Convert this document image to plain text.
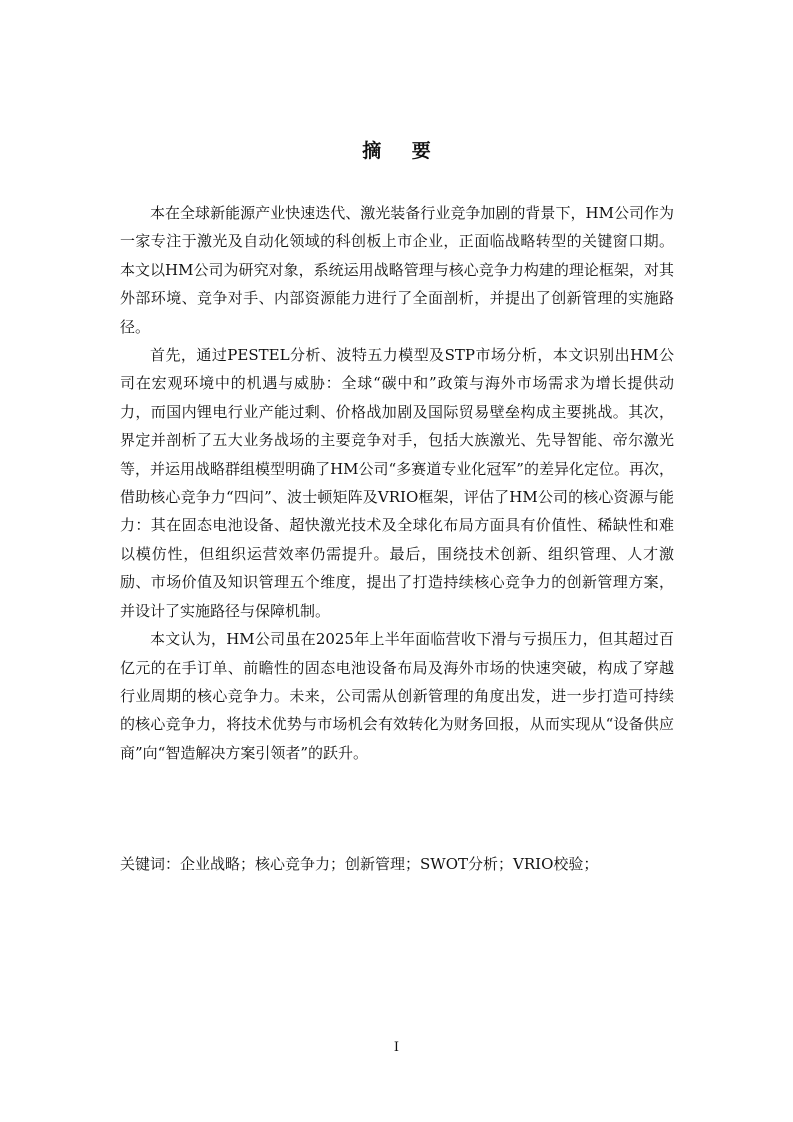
摘 要

本在全球新能源产业快速迭代、激光装备行业竞争加剧的背景下，HM公司作为一家专注于激光及自动化领域的科创板上市企业，正面临战略转型的关键窗口期。本文以HM公司为研究对象，系统运用战略管理与核心竞争力构建的理论框架，对其外部环境、竞争对手、内部资源能力进行了全面剖析，并提出了创新管理的实施路径。

首先，通过PESTEL分析、波特五力模型及STP市场分析，本文识别出HM公司在宏观环境中的机遇与威胁：全球“碳中和”政策与海外市场需求为增长提供动力，而国内锂电行业产能过剩、价格战加剧及国际贸易壁垒构成主要挑战。其次，界定并剖析了五大业务战场的主要竞争对手，包括大族激光、先导智能、帝尔激光等，并运用战略群组模型明确了HM公司“多赛道专业化冠军”的差异化定位。再次，借助核心竞争力“四问”、波士顿矩阵及VRIO框架，评估了HM公司的核心资源与能力：其在固态电池设备、超快激光技术及全球化布局方面具有价值性、稀缺性和难以模仿性，但组织运营效率仍需提升。最后，围绕技术创新、组织管理、人才激励、市场价值及知识管理五个维度，提出了打造持续核心竞争力的创新管理方案，并设计了实施路径与保障机制。

本文认为，HM公司虽在2025年上半年面临营收下滑与亏损压力，但其超过百亿元的在手订单、前瞻性的固态电池设备布局及海外市场的快速突破，构成了穿越行业周期的核心竞争力。未来，公司需从创新管理的角度出发，进一步打造可持续的核心竞争力，将技术优势与市场机会有效转化为财务回报，从而实现从“设备供应商”向“智造解决方案引领者”的跃升。

关键词：企业战略；核心竞争力；创新管理；SWOT分析；VRIO校验；
I
